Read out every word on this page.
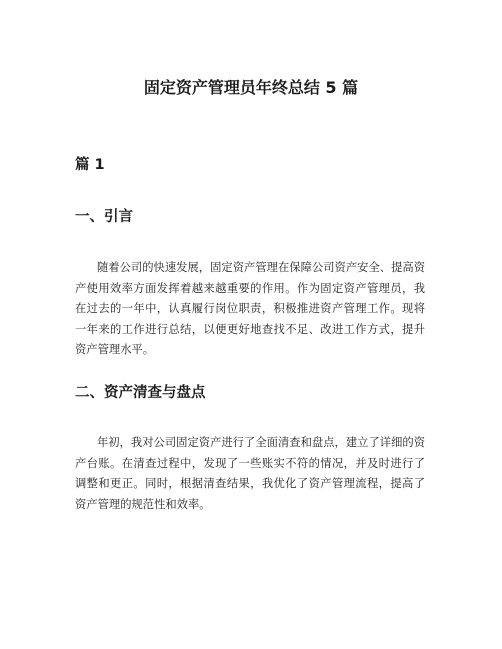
固定资产管理员年终总结 5 篇
篇 1
一、引言

随着公司的快速发展，固定资产管理在保障公司资产安全、提高资产使用效率方面发挥着越来越重要的作用。作为固定资产管理员，我在过去的一年中，认真履行岗位职责，积极推进资产管理工作。现将一年来的工作进行总结，以便更好地查找不足、改进工作方式，提升资产管理水平。

二、资产清查与盘点

年初，我对公司固定资产进行了全面清查和盘点，建立了详细的资产台账。在清查过程中，发现了一些账实不符的情况，并及时进行了调整和更正。同时，根据清查结果，我优化了资产管理流程，提高了资产管理的规范性和效率。
